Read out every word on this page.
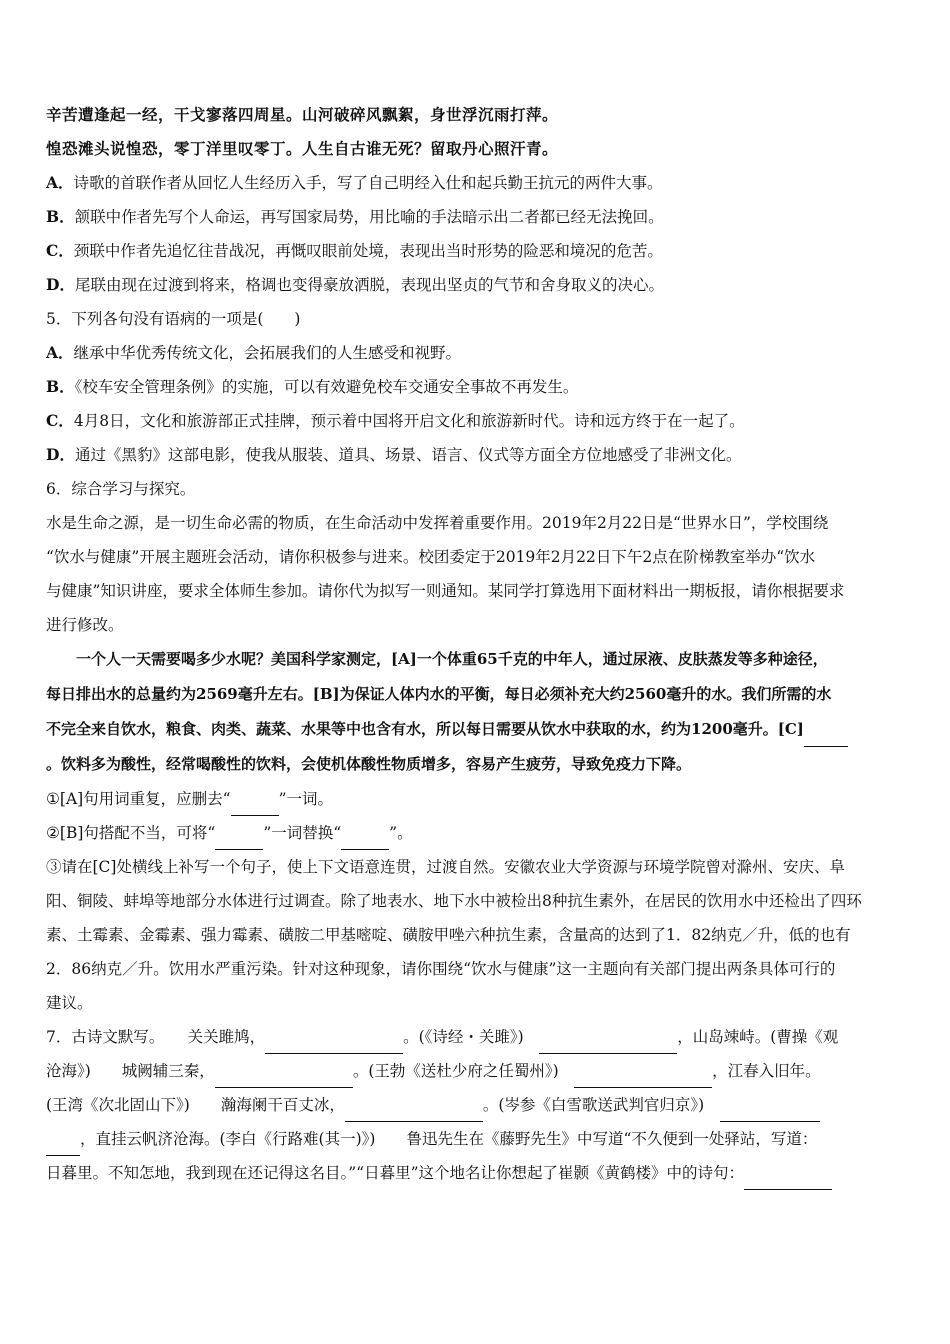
辛苦遭逢起一经，干戈寥落四周星。山河破碎风飘絮，身世浮沉雨打萍。
惶恐滩头说惶恐，零丁洋里叹零丁。人生自古谁无死？留取丹心照汗青。
A．诗歌的首联作者从回忆人生经历入手，写了自己明经入仕和起兵勤王抗元的两件大事。
B．颔联中作者先写个人命运，再写国家局势，用比喻的手法暗示出二者都已经无法挽回。
C．颈联中作者先追忆往昔战况，再慨叹眼前处境，表现出当时形势的险恶和境况的危苦。
D．尾联由现在过渡到将来，格调也变得豪放洒脱，表现出坚贞的气节和舍身取义的决心。
5．下列各句没有语病的一项是(　　)
A．继承中华优秀传统文化，会拓展我们的人生感受和视野。
B．《校车安全管理条例》的实施，可以有效避免校车交通安全事故不再发生。
C．4月8日，文化和旅游部正式挂牌，预示着中国将开启文化和旅游新时代。诗和远方终于在一起了。
D．通过《黑豹》这部电影，使我从服装、道具、场景、语言、仪式等方面全方位地感受了非洲文化。
6．综合学习与探究。
水是生命之源，是一切生命必需的物质，在生命活动中发挥着重要作用。2019年2月22日是“世界水日”，学校围绕
“饮水与健康”开展主题班会活动，请你积极参与进来。校团委定于2019年2月22日下午2点在阶梯教室举办“饮水
与健康”知识讲座，要求全体师生参加。请你代为拟写一则通知。某同学打算选用下面材料出一期板报，请你根据要求
进行修改。
一个人一天需要喝多少水呢？美国科学家测定，[A]一个体重65千克的中年人，通过尿液、皮肤蒸发等多种途径，
每日排出水的总量约为2569毫升左右。[B]为保证人体内水的平衡，每日必须补充大约2560毫升的水。我们所需的水
不完全来自饮水，粮食、肉类、蔬菜、水果等中也含有水，所以每日需要从饮水中获取的水，约为1200毫升。[C]
。饮料多为酸性，经常喝酸性的饮料，会使机体酸性物质增多，容易产生疲劳，导致免疫力下降。
①[A]句用词重复，应删去“	”一词。
②[B]句搭配不当，可将“	”一词替换“	”。
③请在[C]处横线上补写一个句子，使上下文语意连贯，过渡自然。安徽农业大学资源与环境学院曾对滁州、安庆、阜
阳、铜陵、蚌埠等地部分水体进行过调查。除了地表水、地下水中被检出8种抗生素外，在居民的饮用水中还检出了四环
素、土霉素、金霉素、强力霉素、磺胺二甲基嘧啶、磺胺甲唑六种抗生素，含量高的达到了1．82纳克／升，低的也有
2．86纳克／升。饮用水严重污染。针对这种现象，请你围绕“饮水与健康”这一主题向有关部门提出两条具体可行的
建议。
7．古诗文默写。　　关关雎鸠，	。(《诗经・关雎》)　	，山岛竦峙。(曹操《观
沧海》)　　城阙辅三秦，	。(王勃《送杜少府之任蜀州》)　	，江春入旧年。
(王湾《次北固山下》)　　瀚海阑干百丈冰，	。(岑参《白雪歌送武判官归京》)　
，直挂云帆济沧海。(李白《行路难(其一)》)　　鲁迅先生在《藤野先生》中写道“不久便到一处驿站，写道：
日暮里。不知怎地，我到现在还记得这名目。”“日暮里”这个地名让你想起了崔颢《黄鹤楼》中的诗句：
